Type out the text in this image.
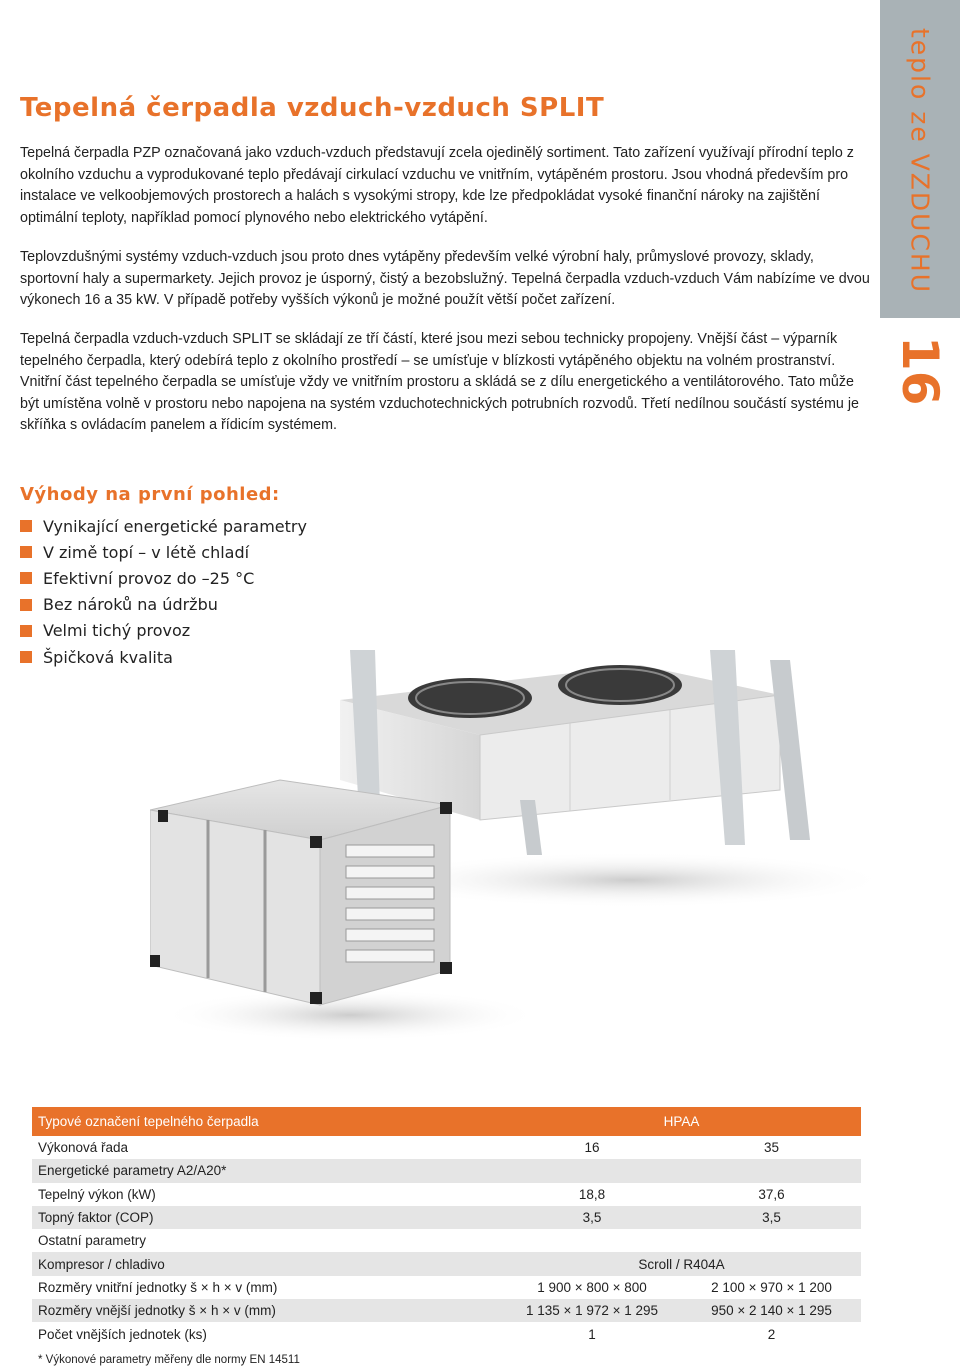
teplo ze VZDUCHU
16
Tepelná čerpadla vzduch-vzduch SPLIT

Tepelná čerpadla PZP označovaná jako vzduch-vzduch představují zcela ojedinělý sortiment. Tato zařízení využívají přírodní teplo z okolního vzduchu a vyprodukované teplo předávají cirkulací vzduchu ve vnitřním, vytápěném prostoru. Jsou vhodná především pro instalace ve velkoobjemových prostorech a halách s vysokými stropy, kde lze předpokládat vysoké finanční nároky na zajištění optimální teploty, například pomocí plynového nebo elektrického vytápění.

Teplovzdušnými systémy vzduch-vzduch jsou proto dnes vytápěny především velké výrobní haly, průmyslové provozy, sklady, sportovní haly a supermarkety. Jejich provoz je úsporný, čistý a bezobslužný. Tepelná čerpadla vzduch-vzduch Vám nabízíme ve dvou výkonech 16 a 35 kW. V případě potřeby vyšších výkonů je možné použít větší počet zařízení.

Tepelná čerpadla vzduch-vzduch SPLIT se skládají ze tří částí, které jsou mezi sebou technicky propojeny. Vnější část – výparník tepelného čerpadla, který odebírá teplo z okolního prostředí – se umísťuje v blízkosti vytápěného objektu na volném prostranství. Vnitřní část tepelného čerpadla se umísťuje vždy ve vnitřním prostoru a skládá se z dílu energetického a ventilátorového. Tato může být umístěna volně v prostoru nebo napojena na systém vzduchotechnických potrubních rozvodů. Třetí nedílnou součástí systému je skříňka s ovládacím panelem a řídicím systémem.

Výhody na první pohled:
Vynikající energetické parametry
V zimě topí – v létě chladí
Efektivní provoz do –25 °C
Bez nároků na údržbu
Velmi tichý provoz
Špičková kvalita
Typové označení tepelného čerpadla	HPAA	
Výkonová řada	16	35
Energetické parametry A2/A20*		
Tepelný výkon (kW)	18,8	37,6
Topný faktor (COP)	3,5	3,5
Ostatní parametry		
Kompresor / chladivo	Scroll / R404A	
Rozměry vnitřní jednotky š × h × v (mm)	1 900 × 800 × 800	2 100 × 970 × 1 200
Rozměry vnější jednotky š × h × v (mm)	1 135 × 1 972 × 1 295	950 × 2 140 × 1 295
Počet vnějších jednotek (ks)	1	2
* Výkonové parametry měřeny dle normy EN 14511
